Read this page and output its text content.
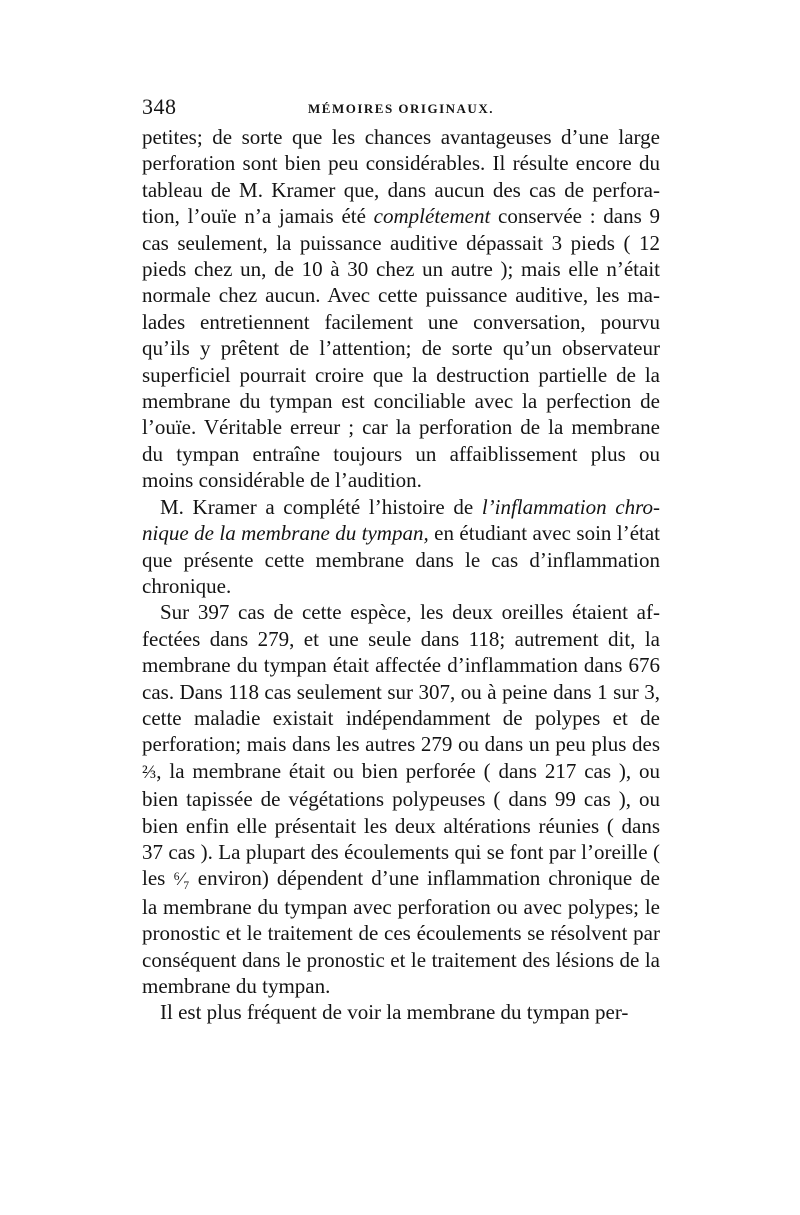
348	MÉMOIRES ORIGINAUX.

petites; de sorte que les chances avantageuses d’une large perforation sont bien peu considérables. Il résulte encore du tableau de M. Kramer que, dans aucun des cas de perforation, l’ouïe n’a jamais été complétement conservée : dans 9 cas seulement, la puissance auditive dépassait 3 pieds ( 12 pieds chez un, de 10 à 30 chez un autre ); mais elle n’était normale chez aucun. Avec cette puissance auditive, les malades entretiennent facilement une conversation, pourvu qu’ils y prêtent de l’attention; de sorte qu’un observateur superficiel pourrait croire que la destruction partielle de la membrane du tympan est conciliable avec la perfection de l’ouïe. Véritable erreur ; car la perforation de la membrane du tympan entraîne toujours un affaiblissement plus ou moins considérable de l’audition.

M. Kramer a complété l’histoire de l’inflammation chronique de la membrane du tympan, en étudiant avec soin l’état que présente cette membrane dans le cas d’inflammation chronique.

Sur 397 cas de cette espèce, les deux oreilles étaient affectées dans 279, et une seule dans 118; autrement dit, la membrane du tympan était affectée d’inflammation dans 676 cas. Dans 118 cas seulement sur 307, ou à peine dans 1 sur 3, cette maladie existait indépendamment de polypes et de perforation; mais dans les autres 279 ou dans un peu plus des ⅔, la membrane était ou bien perforée ( dans 217 cas ), ou bien tapissée de végétations polypeuses ( dans 99 cas ), ou bien enfin elle présentait les deux altérations réunies ( dans 37 cas ). La plupart des écoulements qui se font par l’oreille ( les ⁶⁄₇ environ) dépendent d’une inflammation chronique de la membrane du tympan avec perforation ou avec polypes; le pronostic et le traitement de ces écoulements se résolvent par conséquent dans le pronostic et le traitement des lésions de la membrane du tympan.

Il est plus fréquent de voir la membrane du tympan per-
